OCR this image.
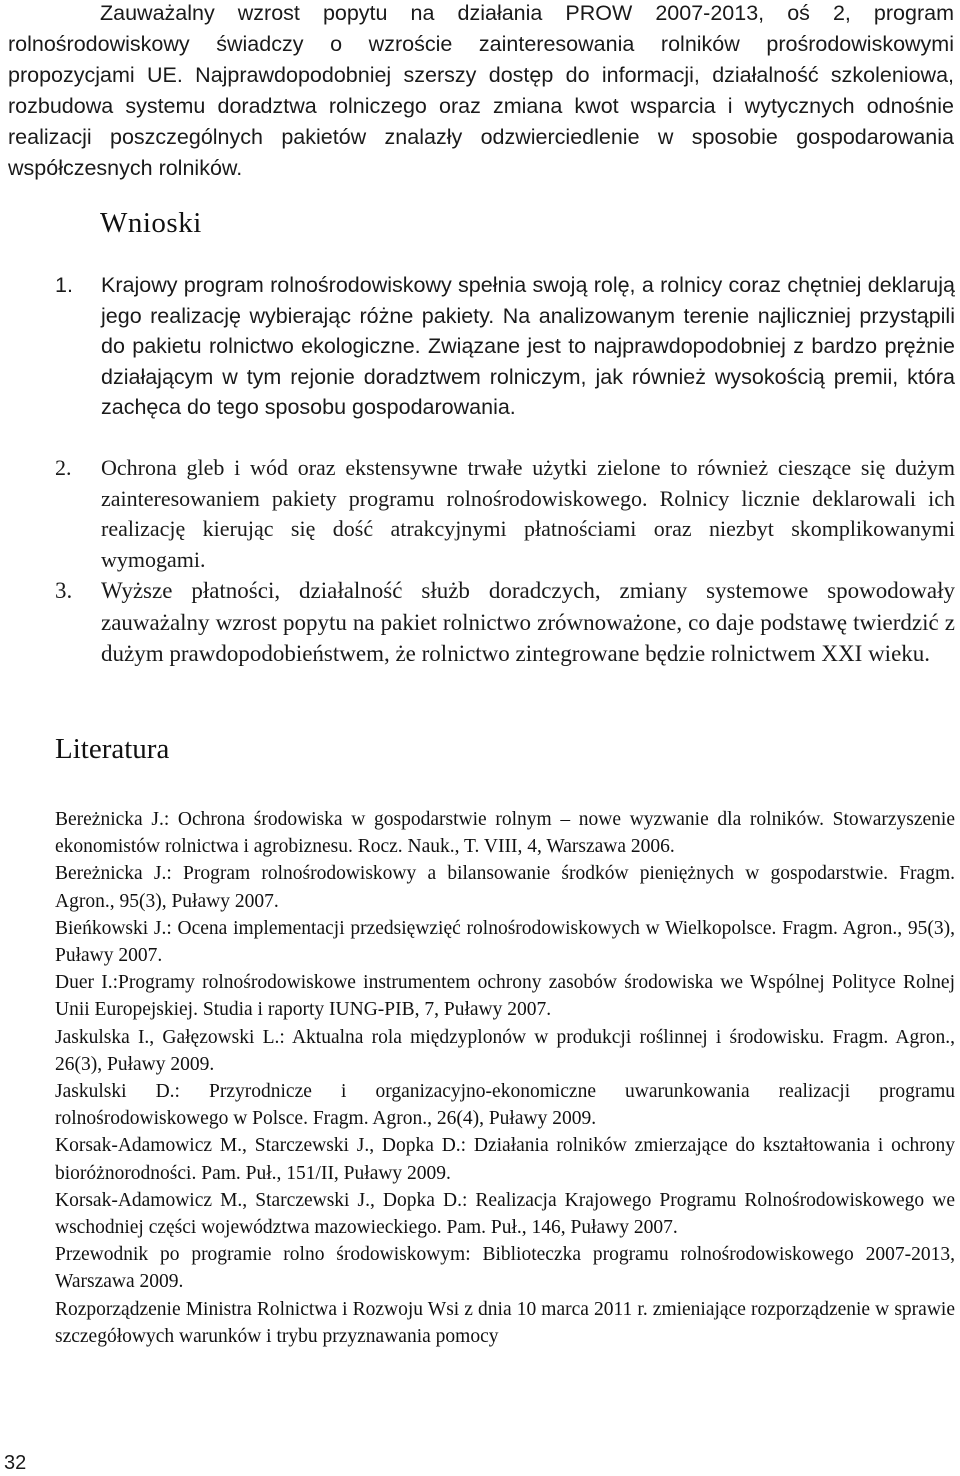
Zauważalny wzrost popytu na działania PROW 2007-2013, oś 2, program rolnośrodowiskowy świadczy o wzroście zainteresowania rolników prośrodowiskowymi propozycjami UE. Najprawdopodobniej szerszy dostęp do informacji, działalność szkoleniowa, rozbudowa systemu doradztwa rolniczego oraz zmiana kwot wsparcia i wytycznych odnośnie realizacji poszczególnych pakietów znalazły odzwierciedlenie w sposobie gospodarowania współczesnych rolników.
Wnioski
1.	Krajowy program rolnośrodowiskowy spełnia swoją rolę, a rolnicy coraz chętniej deklarują jego realizację wybierając różne pakiety. Na analizowanym terenie najliczniej przystąpili do pakietu rolnictwo ekologiczne. Związane jest to najprawdopodobniej z bardzo prężnie działającym w tym rejonie doradztwem rolniczym, jak również wysokością premii, która zachęca do tego sposobu gospodarowania.
2.	Ochrona gleb i wód oraz ekstensywne trwałe użytki zielone to również cieszące się dużym zainteresowaniem pakiety programu rolnośrodowiskowego. Rolnicy licznie deklarowali ich realizację kierując się dość atrakcyjnymi płatnościami oraz niezbyt skomplikowanymi wymogami.
3.	Wyższe płatności, działalność służb doradczych, zmiany systemowe spowodowały zauważalny wzrost popytu na pakiet rolnictwo zrównoważone, co daje podstawę twierdzić z dużym prawdopodobieństwem, że rolnictwo zintegrowane będzie rolnictwem XXI wieku.
Literatura

Bereżnicka J.: Ochrona środowiska w gospodarstwie rolnym – nowe wyzwanie dla rolników. Stowarzyszenie ekonomistów rolnictwa i agrobiznesu. Rocz. Nauk., T. VIII, 4, Warszawa 2006.

Bereżnicka J.: Program rolnośrodowiskowy a bilansowanie środków pieniężnych w gospodarstwie. Fragm. Agron., 95(3), Puławy 2007.

Bieńkowski J.: Ocena implementacji przedsięwzięć rolnośrodowiskowych w Wielkopolsce. Fragm. Agron., 95(3), Puławy 2007.

Duer I.:Programy rolnośrodowiskowe instrumentem ochrony zasobów środowiska we Wspólnej Polityce Rolnej Unii Europejskiej. Studia i raporty IUNG-PIB, 7, Puławy 2007.

Jaskulska I., Gałęzowski L.: Aktualna rola międzyplonów w produkcji roślinnej i środowisku. Fragm. Agron., 26(3), Puławy 2009.

Jaskulski D.: Przyrodnicze i organizacyjno-ekonomiczne uwarunkowania realizacji programu rolnośrodowiskowego w Polsce. Fragm. Agron., 26(4), Puławy 2009.

Korsak-Adamowicz M., Starczewski J., Dopka D.: Działania rolników zmierzające do kształtowania i ochrony bioróżnorodności. Pam. Puł., 151/II, Puławy 2009.

Korsak-Adamowicz M., Starczewski J., Dopka D.: Realizacja Krajowego Programu Rolnośrodowiskowego we wschodniej części województwa mazowieckiego. Pam. Puł., 146, Puławy 2007.

Przewodnik po programie rolno środowiskowym: Biblioteczka programu rolnośrodowiskowego 2007-2013, Warszawa 2009.

Rozporządzenie Ministra Rolnictwa i Rozwoju Wsi z dnia 10 marca 2011 r. zmieniające rozporządzenie w sprawie szczegółowych warunków i trybu przyznawania pomocy

32
